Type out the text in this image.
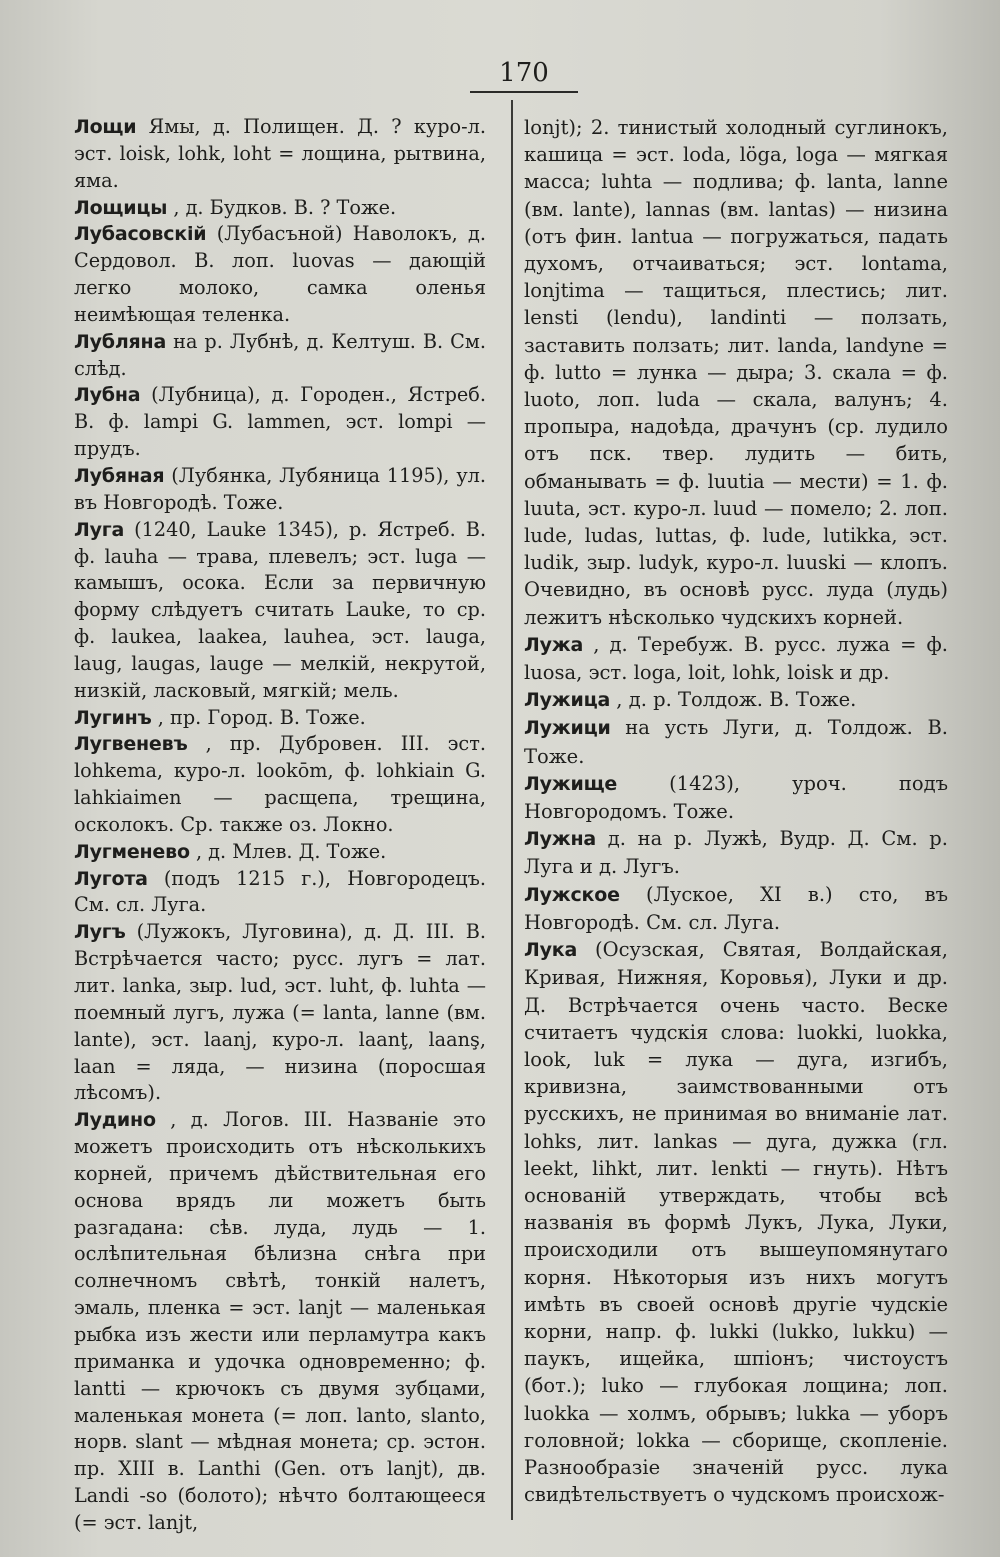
170

Лощи Ямы, д. Полищен. Д. ? куро-л. эст. loisk, lohk, loht = лощина, рытвина, яма.

Лощицы , д. Будков. В. ? Тоже.

Лубасовскiй (Лубасъной) Наволокъ, д. Сердовол. В. лоп. luovas — дающiй легко молоко, самка оленья неимѣющая теленка.

Лубляна на р. Лубнѣ, д. Келтуш. В. См. слѣд.

Лубна (Лубница), д. Городен., Ястреб. В. ф. lampi G. lammen, эст. lompi — прудъ.

Лубяная (Лубянка, Лубяница 1195), ул. въ Новгородѣ. Тоже.

Луга (1240, Lauke 1345), р. Ястреб. В. ф. lauha — трава, плевелъ; эст. luga — камышъ, осока. Если за первичную форму слѣдуетъ считать Lauke, то ср. ф. laukea, laakea, lauhea, эст. lauga, laug, laugas, lauge — мелкiй, некрутой, низкiй, ласковый, мягкiй; мель.

Лугинъ , пр. Город. В. Тоже.

Лугвеневъ , пр. Дубровен. III. эст. lohkema, куро-л. lookōm, ф. lohkiain G. lahkiaimen — расщепа, трещина, осколокъ. Ср. также оз. Локно.

Лугменево , д. Млев. Д. Тоже.

Лугота (подъ 1215 г.), Новгородецъ. См. сл. Луга.

Лугъ (Лужокъ, Луговина), д. Д. III. В. Встрѣчается часто; русс. лугъ = лат. лит. lanka, зыр. lud, эст. luht, ф. luhta — поемный лугъ, лужа (= lanta, lanne (вм. lante), эст. laanj, куро-л. laanţ, laanş, laan = ляда, — низина (поросшая лѣсомъ).

Лудино , д. Логов. III. Названiе это можетъ происходить отъ нѣсколькихъ корней, причемъ дѣйствительная его основа врядъ ли можетъ быть разгадана: сѣв. луда, лудь — 1. ослѣпительная бѣлизна снѣга при солнечномъ свѣтѣ, тонкiй налетъ, эмаль, пленка = эст. lanjt — маленькая рыбка изъ жести или перламутра какъ приманка и удочка одновременно; ф. lantti — крючокъ съ двумя зубцами, маленькая монета (= лоп. lanto, slanto, норв. slant — мѣдная монета; ср. эстон. пр. XIII в. Lanthi (Gen. отъ lanjt), дв. Landi -so (болото); нѣчто болтающееся (= эст. lanjt,

lonjt); 2. тинистый холодный суглинокъ, кашица = эст. loda, löga, loga — мягкая масса; luhta — подлива; ф. lanta, lanne (вм. lante), lannas (вм. lantas) — низина (отъ фин. lantua — погружаться, падать духомъ, отчаиваться; эст. lontama, lonjtima — тащиться, плестись; лит. lensti (lendu), landinti — ползать, заставить ползать; лит. landa, landyne = ф. lutto = лунка — дыра; 3. скала = ф. luoto, лоп. luda — скала, валунъ; 4. пропыра, надоѣда, драчунъ (ср. лудило отъ пск. твер. лудить — бить, обманывать = ф. luutia — мести) = 1. ф. luuta, эст. куро-л. luud — помело; 2. лоп. lude, ludas, luttas, ф. lude, lutikka, эст. ludik, зыр. ludyk, куро-л. luuski — клопъ. Очевидно, въ основѣ русс. луда (лудь) лежитъ нѣсколько чудскихъ корней.

Лужа , д. Теребуж. В. русс. лужа = ф. luosa, эст. loga, loit, lohk, loisk и др.

Лужица , д. р. Толдож. В. Тоже.

Лужици на усть Луги, д. Толдож. В. Тоже.

Лужище	(1423), уроч. подъ Новгородомъ. Тоже.

Лужна д. на р. Лужѣ, Вудр. Д. См. р. Луга и д. Лугъ.

Лужское (Луское, XI в.) сто, въ Новгородѣ. См. сл. Луга.

Лука (Осузская, Святая, Волдайская, Кривая, Нижняя, Коровья), Луки и др. Д. Встрѣчается очень часто. Веске считаетъ чудскiя слова: luokki, luokka, look, luk = лука — дуга, изгибъ, кривизна, заимствованными отъ русскихъ, не принимая во вниманiе лат. lohks, лит. lankas — дуга, дужка (гл. leekt, lihkt, лит. lenkti — гнуть). Нѣтъ основанiй утверждать, чтобы всѣ названiя въ формѣ Лукъ, Лука, Луки, происходили отъ вышеупомянутаго корня. Нѣкоторыя изъ нихъ могутъ имѣть въ своей основѣ другiе чудскiе корни, напр. ф. lukki (lukko, lukku) — паукъ, ищейка, шпiонъ; чистоустъ (бот.); luko — глубокая лощина; лоп. luokka — холмъ, обрывъ; lukka — уборъ головной; lokka — сборище, скопленiе. Разнообразiе значенiй русс. лука свидѣтельствуетъ о чудскомъ происхож-
